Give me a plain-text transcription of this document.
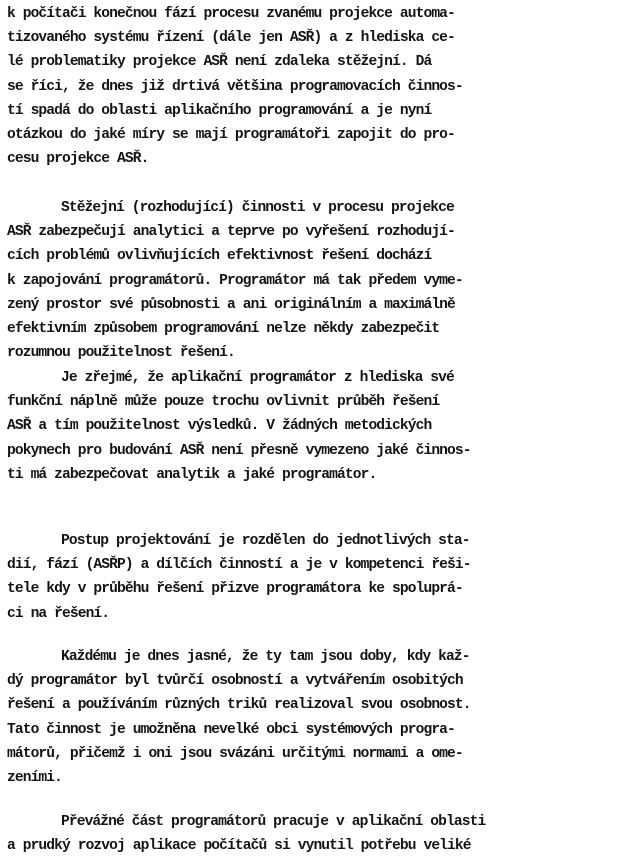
k počítači konečnou fází procesu zvanému projekce automa-
tizovaného systému řízení (dále jen ASŘ) a z hlediska ce-
lé problematiky projekce ASŘ není zdaleka stěžejní. Dá
se říci, že dnes již drtivá většina programovacích činnos-
tí spadá do oblasti aplikačního programování a je nyní
otázkou do jaké míry se mají programátoři zapojit do pro-
cesu projekce ASŘ.
Stěžejní (rozhodující) činnosti v procesu projekce
ASŘ zabezpečují analytici a teprve po vyřešení rozhodují-
cích problémů ovlivňujících efektivnost řešení dochází
k zapojování programátorů. Programátor má tak předem vyme-
zený prostor své působnosti a ani originálním a maximálně
efektivním způsobem programování nelze někdy zabezpečit
rozumnou použitelnost řešení.
Je zřejmé, že aplikační programátor z hlediska své
funkční náplně může pouze trochu ovlivnit průběh řešení
ASŘ a tím použitelnost výsledků. V žádných metodických
pokynech pro budování ASŘ není přesně vymezeno jaké činnos-
ti má zabezpečovat analytik a jaké programátor.
Postup projektování je rozdělen do jednotlivých sta-
dií, fází (ASŘP) a dílčích činností a je v kompetenci řeši-
tele kdy v průběhu řešení přizve programátora ke spoluprá-
ci na řešení.
Každému je dnes jasné, že ty tam jsou doby, kdy kaž-
dý programátor byl tvůrčí osobností a vytvářením osobitých
řešení a používáním různých triků realizoval svou osobnost.
Tato činnost je umožněna nevelké obci systémových progra-
mátorů, přičemž i oni jsou svázáni určitými normami a ome-
zeními.
Převážné část programátorů pracuje v aplikační oblasti
a prudký rozvoj aplikace počítačů si vynutil potřebu veliké
